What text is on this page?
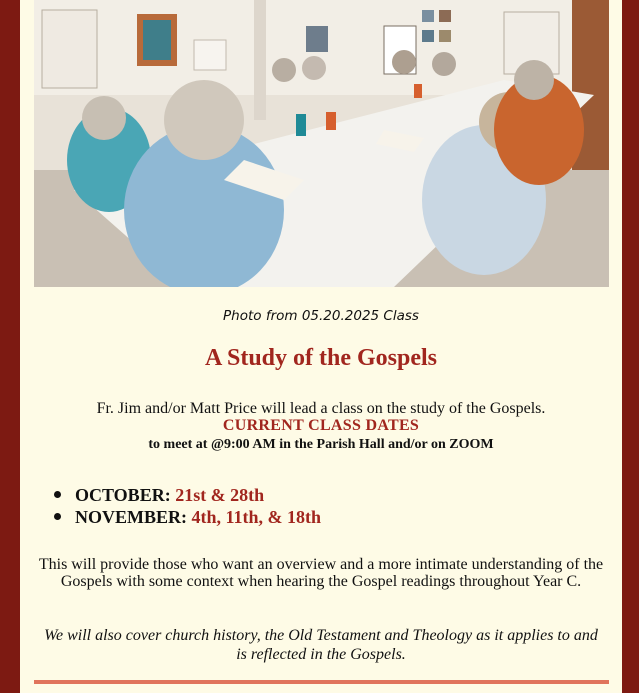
Photo from 05.20.2025 Class
A Study of the Gospels
Fr. Jim and/or Matt Price will lead a class on the study of the Gospels.
CURRENT CLASS DATES
to meet at @9:00 AM in the Parish Hall and/or on ZOOM
OCTOBER: 21st & 28th
NOVEMBER: 4th, 11th, & 18th
This will provide those who want an overview and a more intimate understanding of the Gospels with some context when hearing the Gospel readings throughout Year C.
We will also cover church history, the Old Testament and Theology as it applies to and is reflected in the Gospels.
